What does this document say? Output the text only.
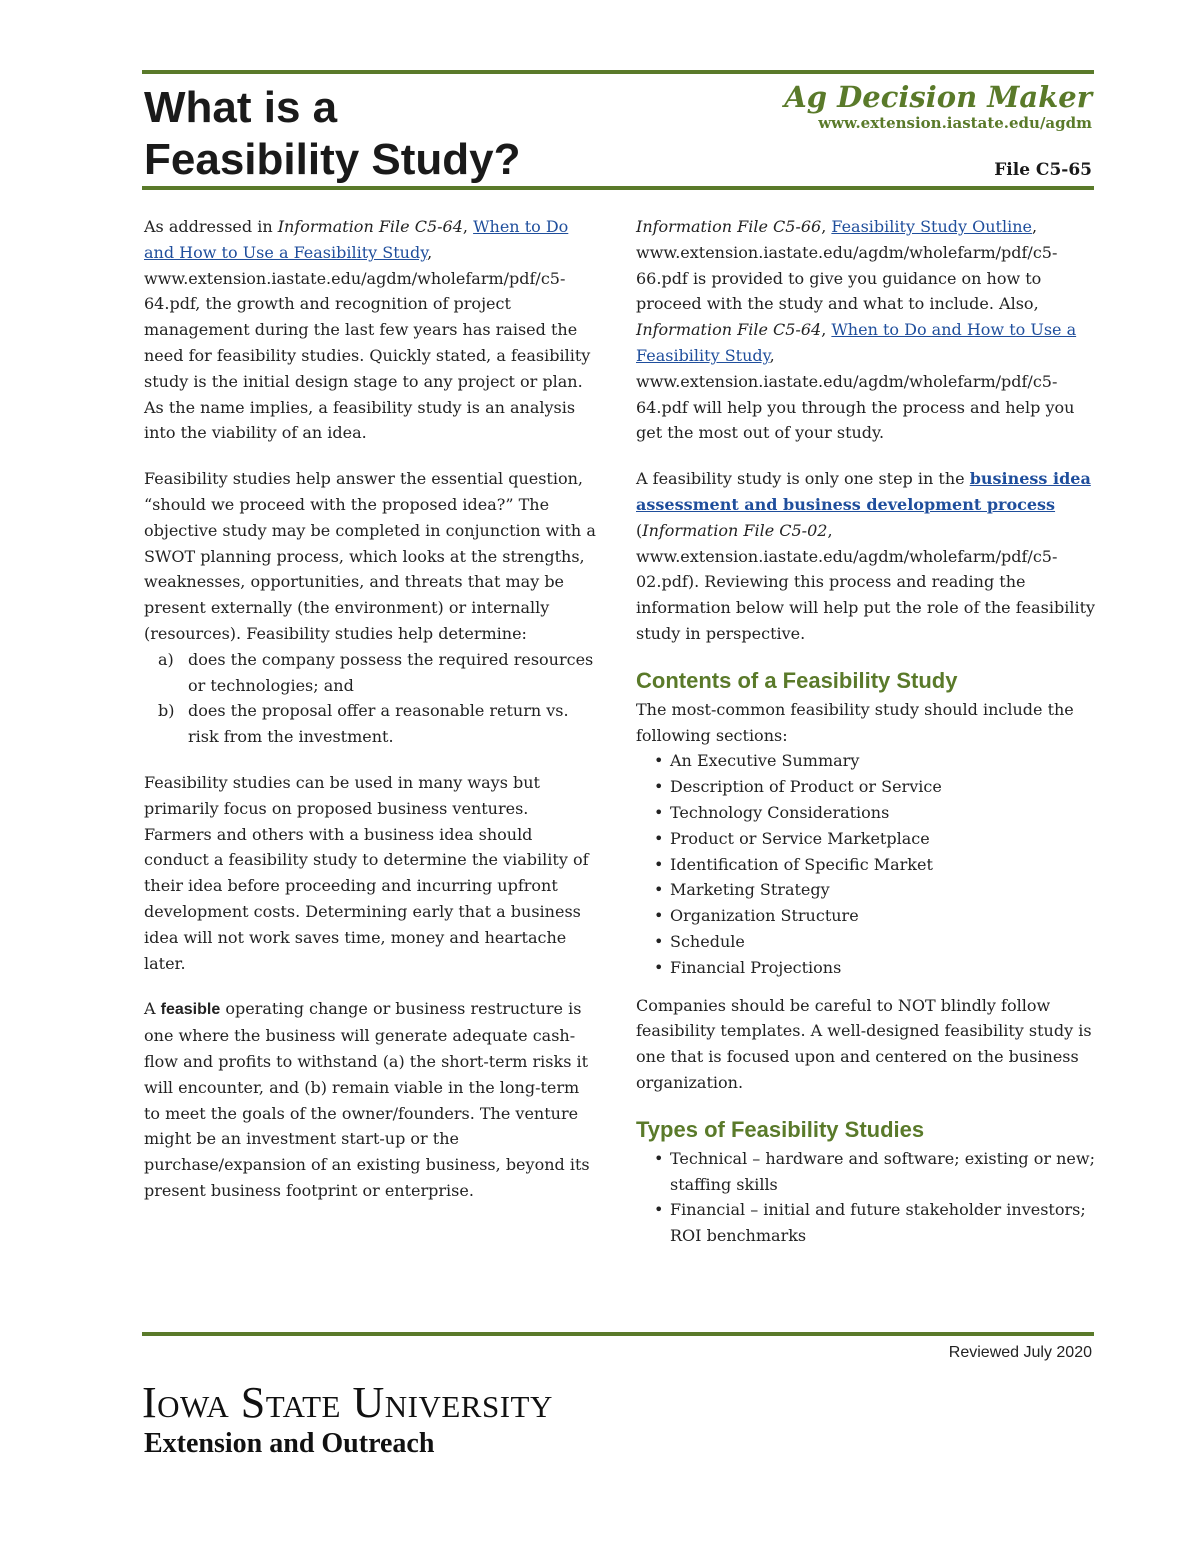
What is a
Feasibility Study?
Ag Decision Maker
www.extension.iastate.edu/agdm
File C5-65

As addressed in Information File C5-64, When to Do and How to Use a Feasibility Study, www.extension.iastate.edu/agdm/wholefarm/pdf/c5-64.pdf, the growth and recognition of project management during the last few years has raised the need for feasibility studies. Quickly stated, a feasibility study is the initial design stage to any project or plan. As the name implies, a feasibility study is an analysis into the viability of an idea.

Feasibility studies help answer the essential question, “should we proceed with the proposed idea?” The objective study may be completed in conjunction with a SWOT planning process, which looks at the strengths, weaknesses, opportunities, and threats that may be present externally (the environment) or internally (resources). Feasibility studies help determine:

a) does the company possess the required resources or technologies; and
b) does the proposal offer a reasonable return vs. risk from the investment.

Feasibility studies can be used in many ways but primarily focus on proposed business ventures. Farmers and others with a business idea should conduct a feasibility study to determine the viability of their idea before proceeding and incurring upfront development costs. Determining early that a business idea will not work saves time, money and heartache later.

A feasible operating change or business restructure is one where the business will generate adequate cash-flow and profits to withstand (a) the short-term risks it will encounter, and (b) remain viable in the long-term to meet the goals of the owner/founders. The venture might be an investment start-up or the purchase/expansion of an existing business, beyond its present business footprint or enterprise.

Information File C5-66, Feasibility Study Outline, www.extension.iastate.edu/agdm/wholefarm/pdf/c5-66.pdf is provided to give you guidance on how to proceed with the study and what to include. Also, Information File C5-64, When to Do and How to Use a Feasibility Study, www.extension.iastate.edu/agdm/wholefarm/pdf/c5-64.pdf will help you through the process and help you get the most out of your study.

A feasibility study is only one step in the business idea assessment and business development process (Information File C5-02, www.extension.iastate.edu/agdm/wholefarm/pdf/c5-02.pdf). Reviewing this process and reading the information below will help put the role of the feasibility study in perspective.

Contents of a Feasibility Study
The most-common feasibility study should include the following sections:
• An Executive Summary
• Description of Product or Service
• Technology Considerations
• Product or Service Marketplace
• Identification of Specific Market
• Marketing Strategy
• Organization Structure
• Schedule
• Financial Projections

Companies should be careful to NOT blindly follow feasibility templates. A well-designed feasibility study is one that is focused upon and centered on the business organization.

Types of Feasibility Studies
• Technical – hardware and software; existing or new; staffing skills
• Financial – initial and future stakeholder investors; ROI benchmarks
Reviewed July 2020
Iowa State University
Extension and Outreach
